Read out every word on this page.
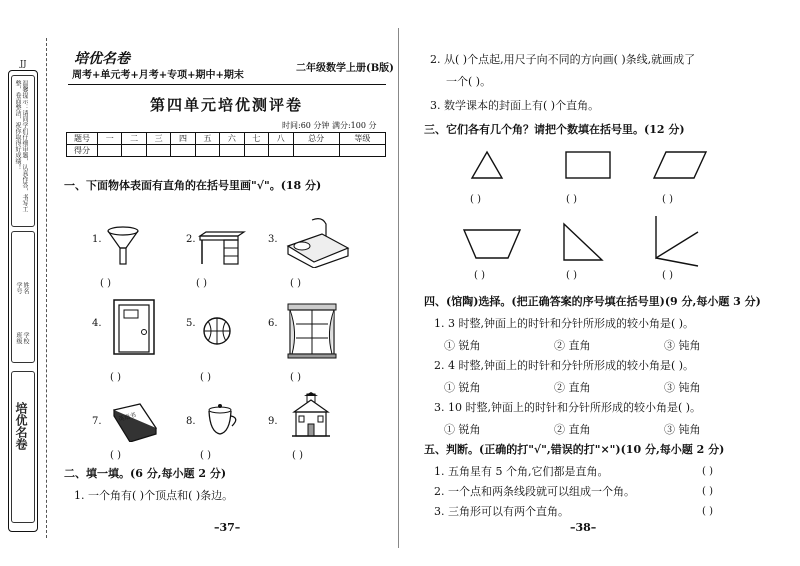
JJ
温馨提示：请同学们仔细审题，认真作答，书写工整，卷面整洁，祝你取得好成绩！
学校
班级
姓名
学号
培优名卷
培优名卷
周考+单元考+月考+专项+期中+期末
二年级数学上册(B版)
第四单元培优测评卷
时间:60 分钟 满分:100 分
题号	一	二	三	四	五	六	七	八	总分	等级
得分										
一、下面物体表面有直角的在括号里画"√"。(18 分)
1.
( )
2.
( )
3.
( )
4.
( )
5.
( )
6.
( )
7.	英语书
( )
8.
( )
9.
( )
二、填一填。(6 分,每小题 2 分)
1. 一个角有( )个顶点和( )条边。
–37–
2. 从( )个点起,用尺子向不同的方向画( )条线,就画成了
一个( )。
3. 数学课本的封面上有( )个直角。
三、它们各有几个角？请把个数填在括号里。(12 分)
( )	( )	( )
( )	( )	( )
四、(馆陶)选择。(把正确答案的序号填在括号里)(9 分,每小题 3 分)
1. 3 时整,钟面上的时针和分针所形成的较小角是( )。
① 锐角	② 直角	③ 钝角
2. 4 时整,钟面上的时针和分针所形成的较小角是( )。
① 锐角	② 直角	③ 钝角
3. 10 时整,钟面上的时针和分针所形成的较小角是( )。
① 锐角	② 直角	③ 钝角
五、判断。(正确的打"√",错误的打"×")(10 分,每小题 2 分)
1. 五角星有 5 个角,它们都是直角。	( )
2. 一个点和两条线段就可以组成一个角。	( )
3. 三角形可以有两个直角。	( )
–38–
